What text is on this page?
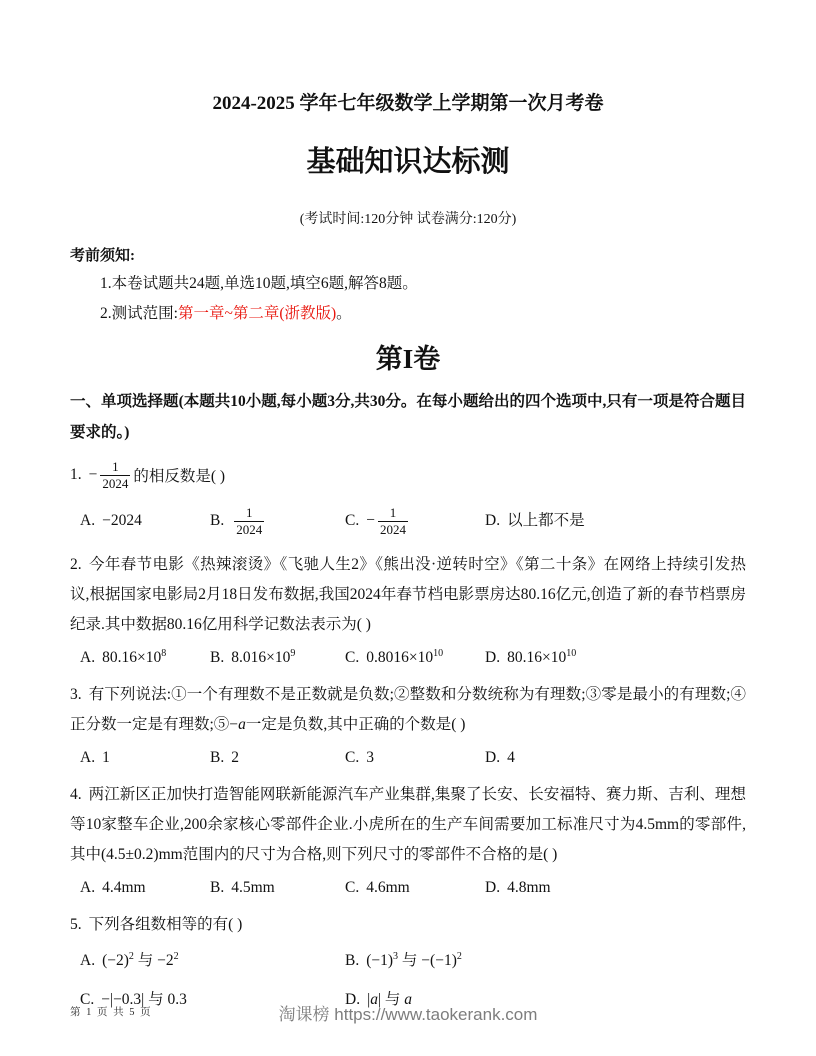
2024-2025 学年七年级数学上学期第一次月考卷
基础知识达标测

(考试时间:120分钟 试卷满分:120分)

考前须知:

1.本卷试题共24题,单选10题,填空6题,解答8题。

2.测试范围:第一章~第二章(浙教版)。

第I卷

一、单项选择题(本题共10小题,每小题3分,共30分。在每小题给出的四个选项中,只有一项是符合题目要求的。)

1. − $\frac{1}{2024}$ 的相反数是( )
A. −2024	B. $\frac{1}{2024}$	C. − $\frac{1}{2024}$	D. 以上都不是

2. 今年春节电影《热辣滚烫》《飞驰人生2》《熊出没·逆转时空》《第二十条》在网络上持续引发热议,根据国家电影局2月18日发布数据,我国2024年春节档电影票房达80.16亿元,创造了新的春节档票房纪录.其中数据80.16亿用科学记数法表示为( )

A. $80.16\times 10^8$	B. $8.016\times 10^9$	C. $0.8016\times 10^{10}$	D. $80.16\times 10^{10}$

3. 有下列说法:①一个有理数不是正数就是负数;②整数和分数统称为有理数;③零是最小的有理数;④正分数一定是有理数;⑤−a一定是负数,其中正确的个数是( )

A. 1	B. 2	C. 3	D. 4

4. 两江新区正加快打造智能网联新能源汽车产业集群,集聚了长安、长安福特、赛力斯、吉利、理想等10家整车企业,200余家核心零部件企业.小虎所在的生产车间需要加工标准尺寸为4.5mm的零部件,其中(4.5±0.2)mm范围内的尺寸为合格,则下列尺寸的零部件不合格的是( )

A. 4.4mm	B. 4.5mm	C. 4.6mm	D. 4.8mm

5. 下列各组数相等的有( )

A. $(-2)^2$ 与 $-2^2$	B. $(-1)^3$ 与 $-(-1)^2$
C. −|−0.3| 与 0.3	D. |a| 与 a
淘课榜 https://www.taokerank.com
第 1 页 共 5 页
